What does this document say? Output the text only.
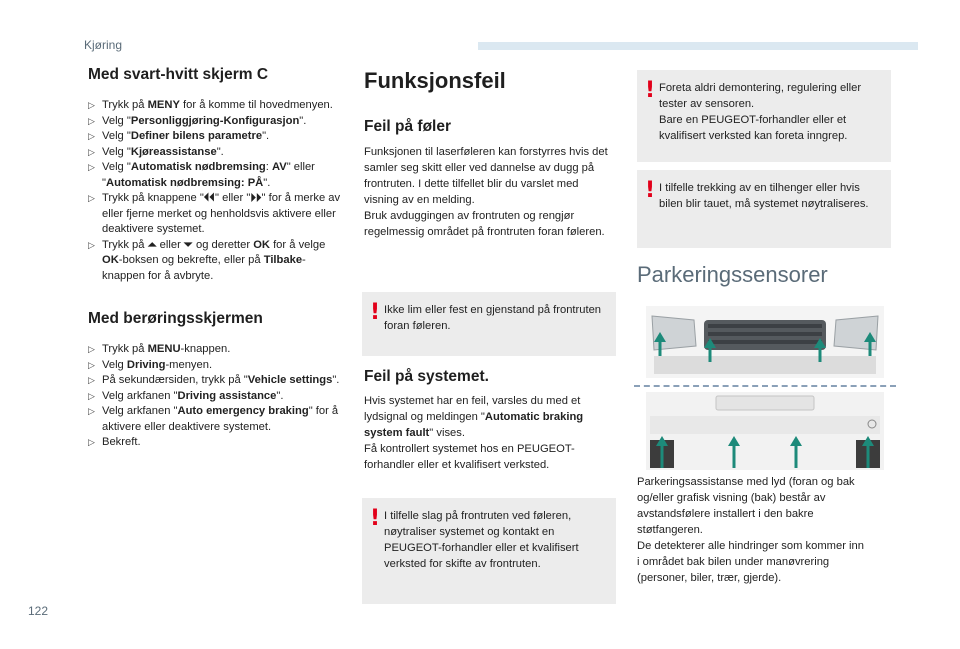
Kjøring
Med svart-hvitt skjerm C
▷ Trykk på MENY for å komme til hovedmenyen.
▷ Velg "Personliggjøring-Konfigurasjon".
▷ Velg "Definer bilens parametre".
▷ Velg "Kjøreassistanse".
▷ Velg "Automatisk nødbremsing: AV" eller "Automatisk nødbremsing: PÅ".
▷ Trykk på knappene "⏴⏴" eller "⏵⏵" for å merke av eller fjerne merket og henholdsvis aktivere eller deaktivere systemet.
▷ Trykk på ⏶ eller ⏷ og deretter OK for å velge OK-boksen og bekrefte, eller på Tilbake-knappen for å avbryte.
Med berøringsskjermen
▷ Trykk på MENU-knappen.
▷ Velg Driving-menyen.
▷ På sekundærsiden, trykk på "Vehicle settings".
▷ Velg arkfanen "Driving assistance".
▷ Velg arkfanen "Auto emergency braking" for å aktivere eller deaktivere systemet.
▷ Bekreft.
Funksjonsfeil
Feil på føler
Funksjonen til laserføleren kan forstyrres hvis det samler seg skitt eller ved dannelse av dugg på frontruten. I dette tilfellet blir du varslet med visning av en melding.
Bruk avduggingen av frontruten og rengjør regelmessig området på frontruten foran føleren.
! Ikke lim eller fest en gjenstand på frontruten foran føleren.
Feil på systemet.
Hvis systemet har en feil, varsles du med et lydsignal og meldingen "Automatic braking system fault" vises.
Få kontrollert systemet hos en PEUGEOT-forhandler eller et kvalifisert verksted.
! I tilfelle slag på frontruten ved føleren, nøytraliser systemet og kontakt en PEUGEOT-forhandler eller et kvalifisert verksted for skifte av frontruten.
! Foreta aldri demontering, regulering eller tester av sensoren.
Bare en PEUGEOT-forhandler eller et kvalifisert verksted kan foreta inngrep.
! I tilfelle trekking av en tilhenger eller hvis bilen blir tauet, må systemet nøytraliseres.
Parkeringssensorer
Parkeringsassistanse med lyd (foran og bak og/eller grafisk visning (bak) består av avstandsfølere installert i den bakre støtfangeren.
De detekterer alle hindringer som kommer inn i området bak bilen under manøvrering (personer, biler, trær, gjerde).
122
